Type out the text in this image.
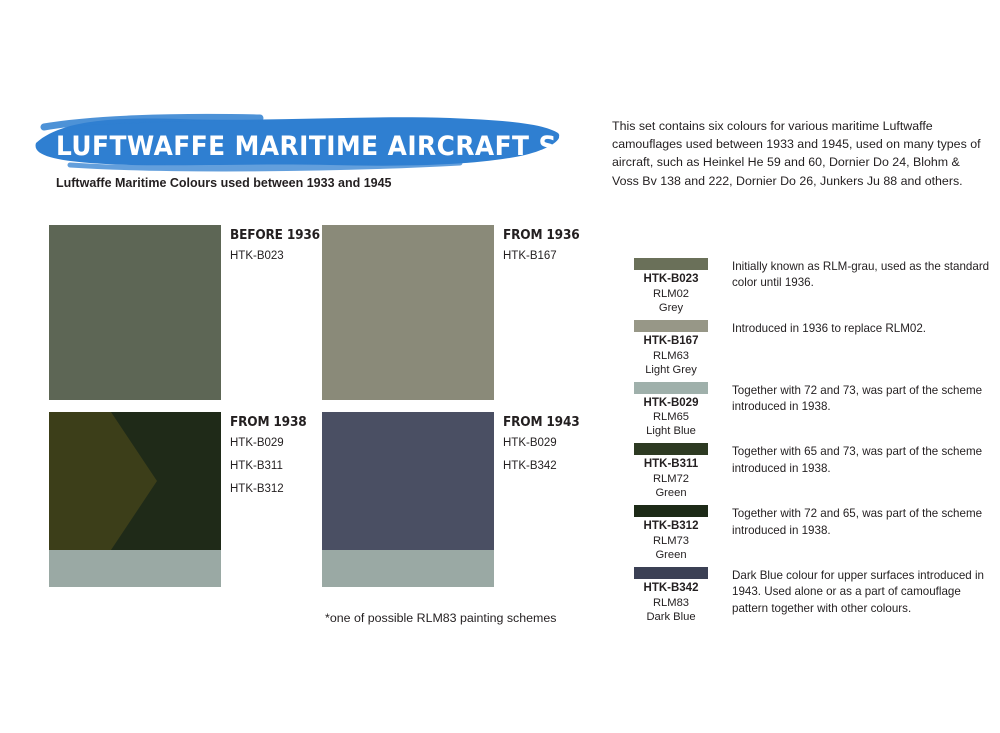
LUFTWAFFE MARITIME AIRCRAFT SET
Luftwaffe Maritime Colours used between 1933 and 1945
This set contains six colours for various maritime Luftwaffe camouflages used between 1933 and 1945, used on many types of aircraft, such as Heinkel He 59 and 60, Dornier Do 24, Blohm & Voss Bv 138 and 222, Dornier Do 26, Junkers Ju 88 and others.
BEFORE 1936
HTK-B023
FROM 1936
HTK-B167
FROM 1938
HTK-B029
HTK-B311
HTK-B312
FROM 1943
HTK-B029
HTK-B342
*one of possible RLM83 painting schemes
HTK-B023
RLM02
Grey
Initially known as RLM-grau, used as the standard color until 1936.
HTK-B167
RLM63
Light Grey
Introduced in 1936 to replace RLM02.
HTK-B029
RLM65
Light Blue
Together with 72 and 73, was part of the scheme introduced in 1938.
HTK-B311
RLM72
Green
Together with 65 and 73, was part of the scheme introduced in 1938.
HTK-B312
RLM73
Green
Together with 72 and 65, was part of the scheme introduced in 1938.
HTK-B342
RLM83
Dark Blue
Dark Blue colour for upper surfaces introduced in 1943. Used alone or as a part of camouflage pattern together with other colours.
